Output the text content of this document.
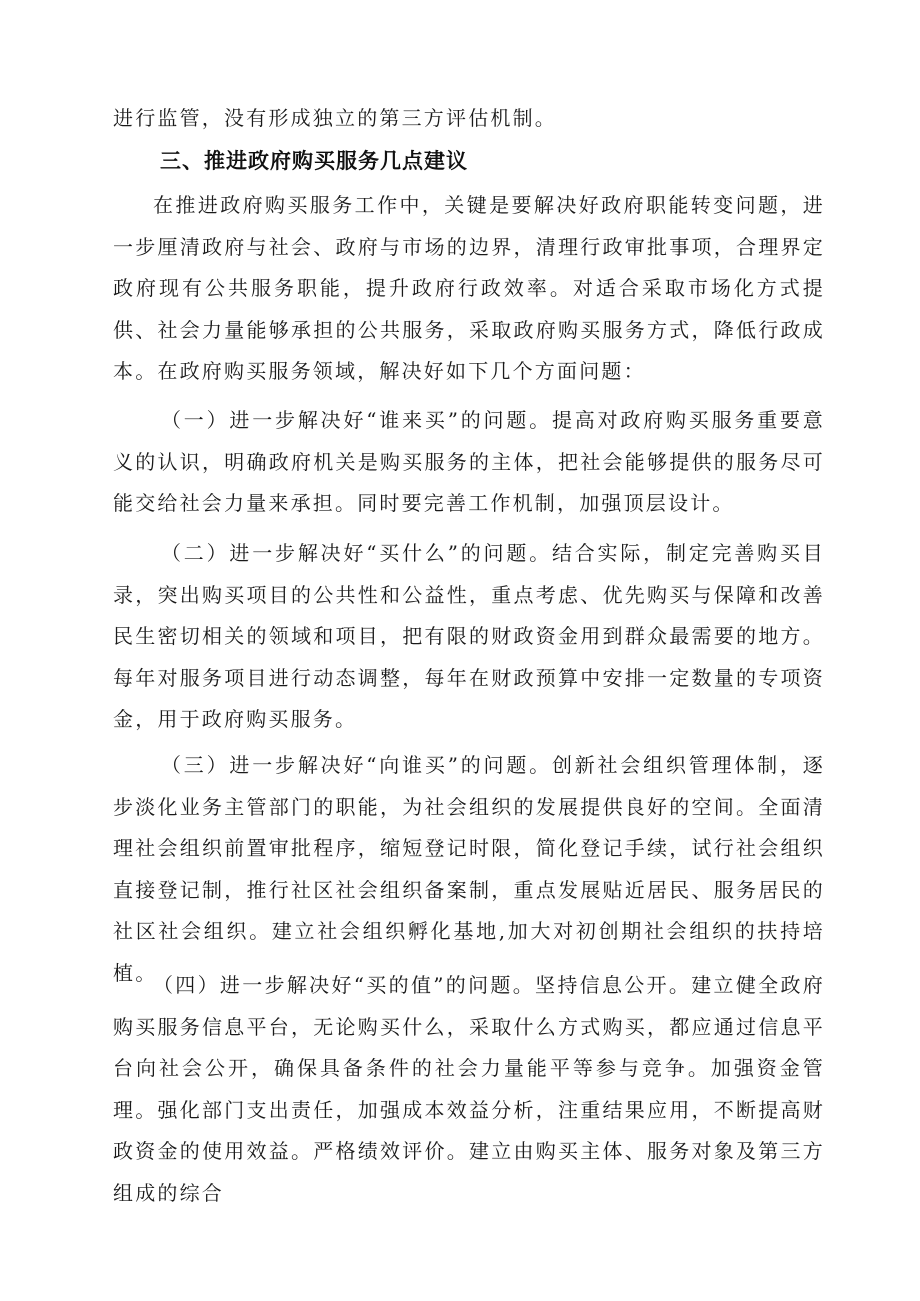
进行监管，没有形成独立的第三方评估机制。

三、推进政府购买服务几点建议

在推进政府购买服务工作中，关键是要解决好政府职能转变问题，进一步厘清政府与社会、政府与市场的边界，清理行政审批事项，合理界定政府现有公共服务职能，提升政府行政效率。对适合采取市场化方式提供、社会力量能够承担的公共服务，采取政府购买服务方式，降低行政成本。在政府购买服务领域，解决好如下几个方面问题：

（一）进一步解决好“谁来买”的问题。提高对政府购买服务重要意义的认识，明确政府机关是购买服务的主体，把社会能够提供的服务尽可能交给社会力量来承担。同时要完善工作机制，加强顶层设计。

（二）进一步解决好“买什么”的问题。结合实际，制定完善购买目录，突出购买项目的公共性和公益性，重点考虑、优先购买与保障和改善民生密切相关的领域和项目，把有限的财政资金用到群众最需要的地方。每年对服务项目进行动态调整，每年在财政预算中安排一定数量的专项资金，用于政府购买服务。

（三）进一步解决好“向谁买”的问题。创新社会组织管理体制，逐步淡化业务主管部门的职能，为社会组织的发展提供良好的空间。全面清理社会组织前置审批程序，缩短登记时限，简化登记手续，试行社会组织直接登记制，推行社区社会组织备案制，重点发展贴近居民、服务居民的社区社会组织。建立社会组织孵化基地,加大对初创期社会组织的扶持培植。

（四）进一步解决好“买的值”的问题。坚持信息公开。建立健全政府购买服务信息平台，无论购买什么，采取什么方式购买，都应通过信息平台向社会公开，确保具备条件的社会力量能平等参与竞争。加强资金管理。强化部门支出责任，加强成本效益分析，注重结果应用，不断提高财政资金的使用效益。严格绩效评价。建立由购买主体、服务对象及第三方组成的综合
